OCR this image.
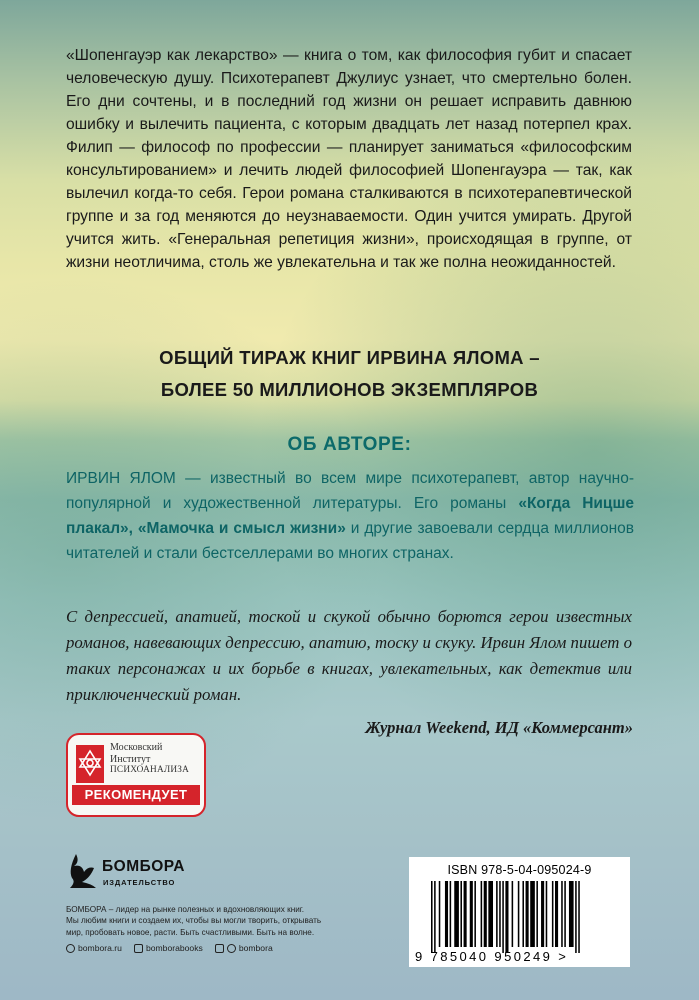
«Шопенгауэр как лекарство» — книга о том, как философия губит и спасает человеческую душу. Психотерапевт Джулиус узнает, что смертельно болен. Его дни сочтены, и в последний год жизни он решает исправить давнюю ошибку и вылечить пациента, с которым двадцать лет назад потерпел крах. Филип — философ по профессии — планирует заниматься «философским консультированием» и лечить людей философией Шопенгауэра — так, как вылечил когда-то себя. Герои романа сталкиваются в психотерапевтической группе и за год меняются до неузнаваемости. Один учится умирать. Другой учится жить. «Генеральная репетиция жизни», происходящая в группе, от жизни неотличима, столь же увлекательна и так же полна неожиданностей.

ОБЩИЙ ТИРАЖ КНИГ ИРВИНА ЯЛОМА –
БОЛЕЕ 50 МИЛЛИОНОВ ЭКЗЕМПЛЯРОВ
ОБ АВТОРЕ:
ИРВИН ЯЛОМ — известный во всем мире психотерапевт, автор научно-популярной и художественной литературы. Его романы «Когда Ницше плакал», «Мамочка и смысл жизни» и другие завоевали сердца миллионов читателей и стали бестселлерами во многих странах.
С депрессией, апатией, тоской и скукой обычно борются герои известных романов, навевающих депрессию, апатию, тоску и скуку. Ирвин Ялом пишет о таких персонажах и их борьбе в книгах, увлекательных, как детектив или приключенческий роман.
Журнал Weekend, ИД «Коммерсант»
Московский
Институт
ПСИХОАНАЛИЗА
РЕКОМЕНДУЕТ
БОМБОРА
ИЗДАТЕЛЬСТВО
БОМБОРА – лидер на рынке полезных и вдохновляющих книг.
Мы любим книги и создаем их, чтобы вы могли творить, открывать
мир, пробовать новое, расти. Быть счастливыми. Быть на волне.
bombora.ru	bomborabooks	bombora
ISBN 978-5-04-095024-9
9 785040 950249 >
